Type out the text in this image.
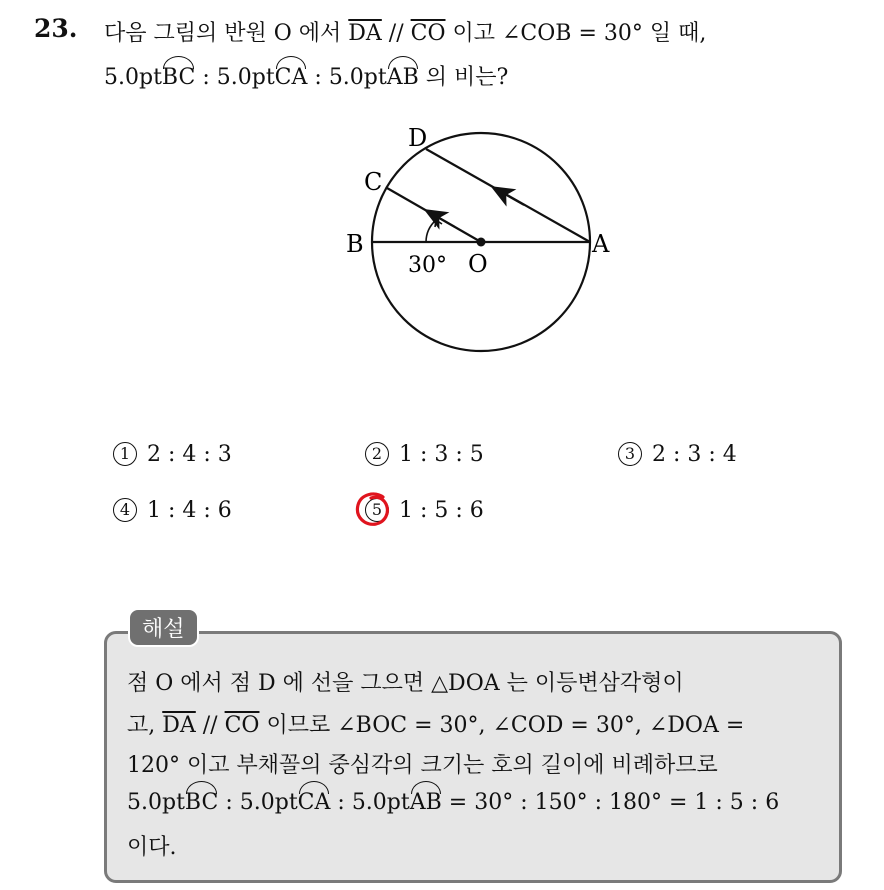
23. 다음 그림의 반원 O 에서 $\overline{DA} // \overline{CO}$ 이고 ∠COB = 30° 일 때,
5.0ptBC : 5.0ptCA : 5.0ptAB 의 비는?
D
C
B	A
O
30°
1 2 : 4 : 3	2 1 : 3 : 5	3 2 : 3 : 4
4 1 : 4 : 6	5 1 : 5 : 6
해설
점 O 에서 점 D 에 선을 그으면 △DOA 는 이등변삼각형이
고, $\overline{DA} // \overline{CO}$ 이므로 ∠BOC = 30°, ∠COD = 30°, ∠DOA =
120° 이고 부채꼴의 중심각의 크기는 호의 길이에 비례하므로
5.0ptBC : 5.0ptCA : 5.0ptAB = 30° : 150° : 180° = 1 : 5 : 6
이다.
